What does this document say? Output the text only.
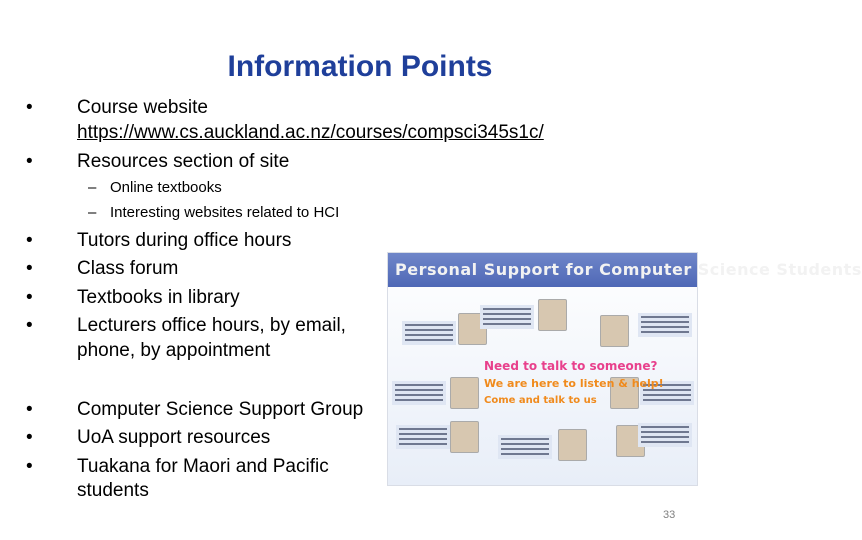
Information Points
• Course website
https://www.cs.auckland.ac.nz/courses/compsci345s1c/
• Resources section of site
– Online textbooks
– Interesting websites related to HCI
• Tutors during office hours
• Class forum
• Textbooks in library
• Lecturers office hours, by email,
phone, by appointment
• Computer Science Support Group
• UoA support resources
• Tuakana for Maori and Pacific
students
Personal Support for Computer Science Students
Need to talk to someone?
We are here to listen & help!
Come and talk to us
33
